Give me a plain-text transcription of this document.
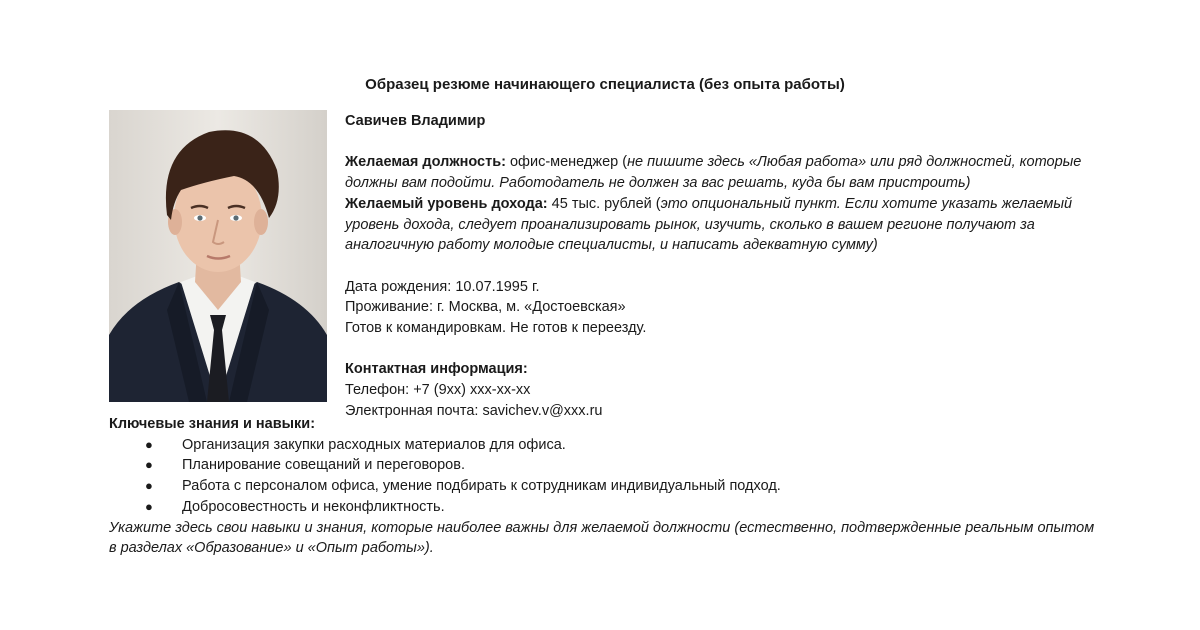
Образец резюме начинающего специалиста (без опыта работы)

Савичев Владимир

Желаемая должность: офис-менеджер (не пишите здесь «Любая работа» или ряд должностей, которые должны вам подойти. Работодатель не должен за вас решать, куда бы вам пристроить)

Желаемый уровень дохода: 45 тыс. рублей (это опциональный пункт. Если хотите указать желаемый уровень дохода, следует проанализировать рынок, изучить, сколько в вашем регионе получают за аналогичную работу молодые специалисты, и написать адекватную сумму)

Дата рождения: 10.07.1995 г.

Проживание: г. Москва, м. «Достоевская»

Готов к командировкам. Не готов к переезду.

Контактная информация:

Телефон: +7 (9хх) ххх-хх-хх

Электронная почта: savichev.v@xxx.ru

Ключевые знания и навыки:

● Организация закупки расходных материалов для офиса.
● Планирование совещаний и переговоров.
● Работа с персоналом офиса, умение подбирать к сотрудникам индивидуальный подход.
● Добросовестность и неконфликтность.

Укажите здесь свои навыки и знания, которые наиболее важны для желаемой должности (естественно, подтвержденные реальным опытом в разделах «Образование» и «Опыт работы»).
